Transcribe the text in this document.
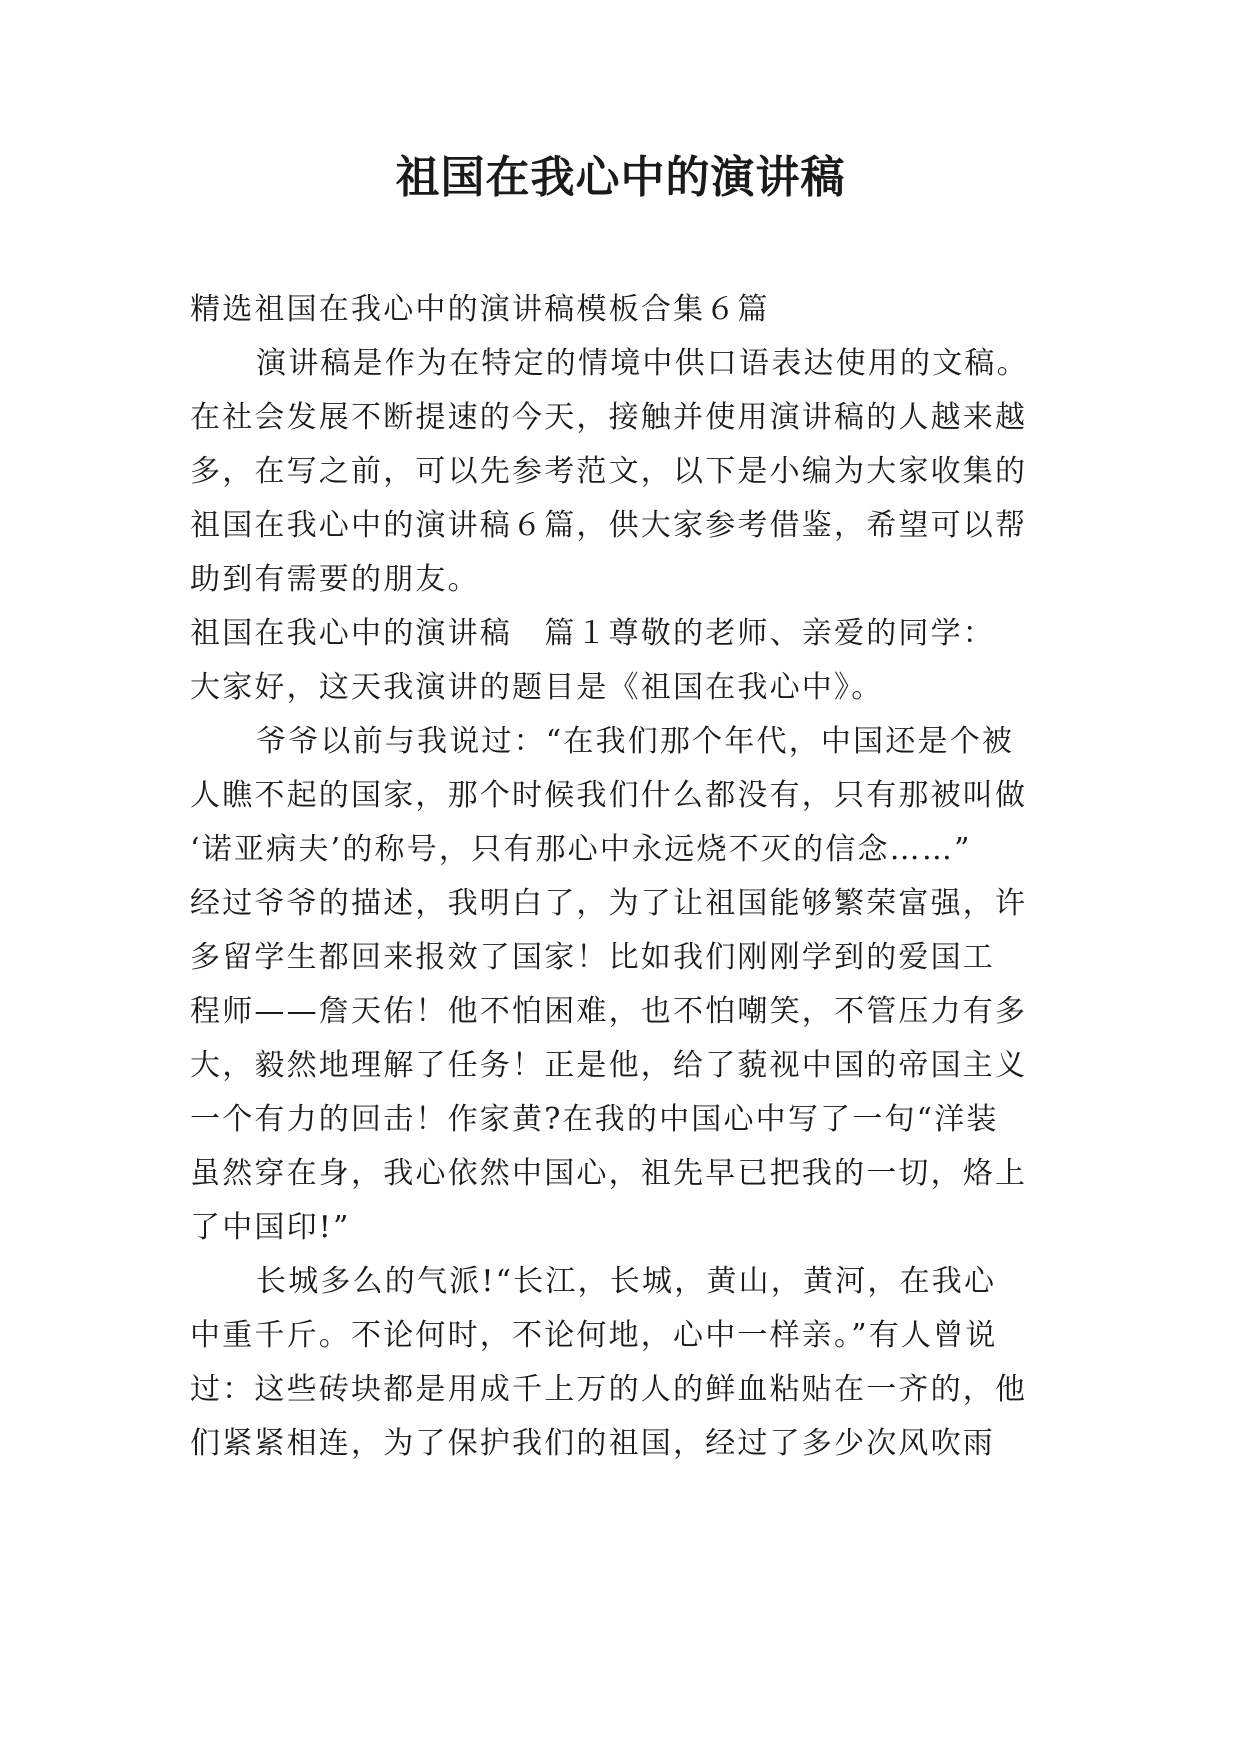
祖国在我心中的演讲稿
精选祖国在我心中的演讲稿模板合集６篇
演讲稿是作为在特定的情境中供口语表达使用的文稿。
在社会发展不断提速的今天，接触并使用演讲稿的人越来越
多，在写之前，可以先参考范文，以下是小编为大家收集的
祖国在我心中的演讲稿６篇，供大家参考借鉴，希望可以帮
助到有需要的朋友。
祖国在我心中的演讲稿　篇１尊敬的老师、亲爱的同学：
大家好，这天我演讲的题目是《祖国在我心中》。
爷爷以前与我说过：“在我们那个年代，中国还是个被
人瞧不起的国家，那个时候我们什么都没有，只有那被叫做
‘诺亚病夫’的称号，只有那心中永远烧不灭的信念……”
经过爷爷的描述，我明白了，为了让祖国能够繁荣富强，许
多留学生都回来报效了国家！比如我们刚刚学到的爱国工
程师——詹天佑！他不怕困难，也不怕嘲笑，不管压力有多
大，毅然地理解了任务！正是他，给了藐视中国的帝国主义
一个有力的回击！作家黄?在我的中国心中写了一句“洋装
虽然穿在身，我心依然中国心，祖先早已把我的一切，烙上
了中国印!”
长城多么的气派!“长江，长城，黄山，黄河，在我心
中重千斤。不论何时，不论何地，心中一样亲。”有人曾说
过：这些砖块都是用成千上万的人的鲜血粘贴在一齐的，他
们紧紧相连，为了保护我们的祖国，经过了多少次风吹雨
